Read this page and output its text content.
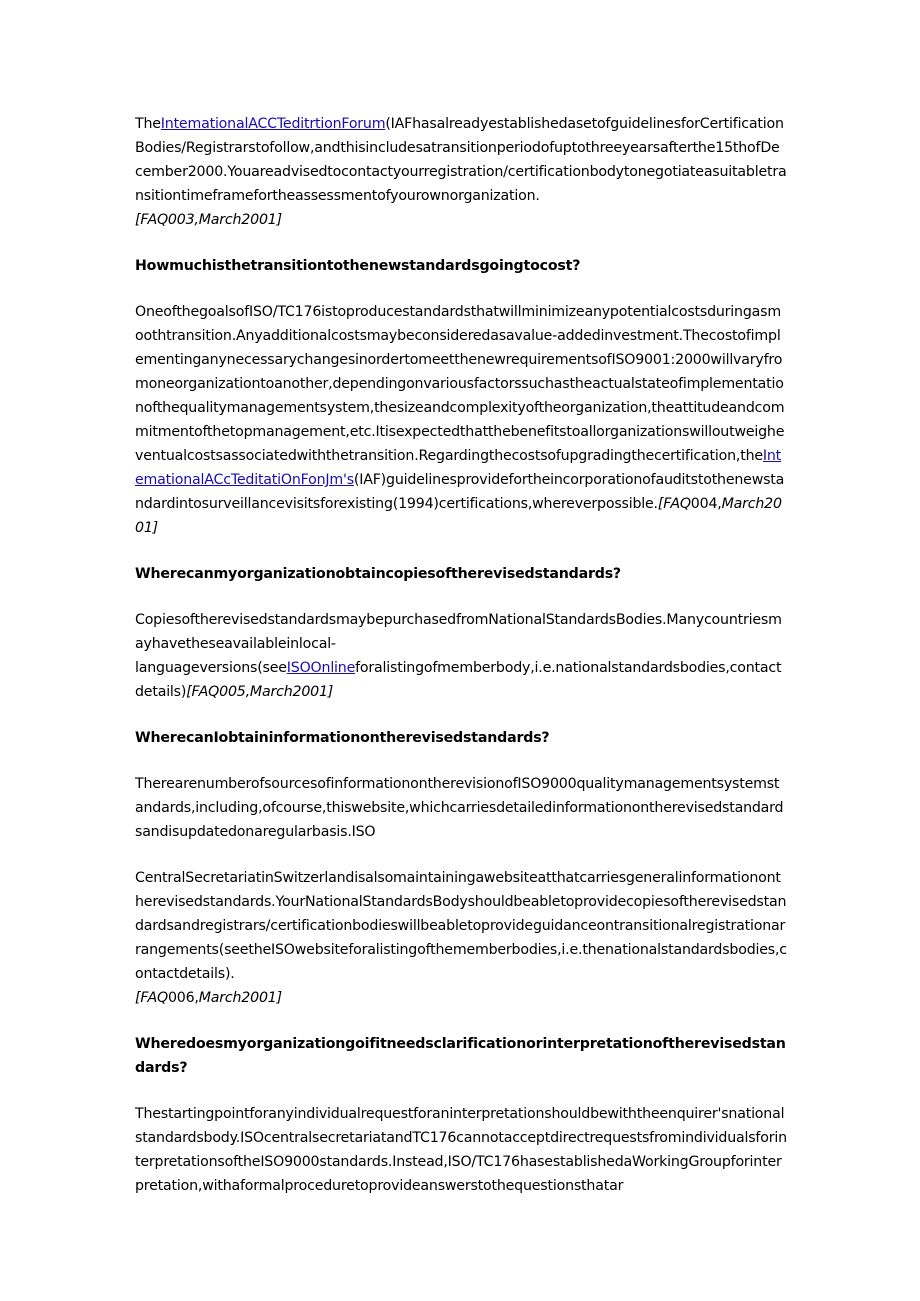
TheIntemationalACCTeditrtionForum(IAFhasalreadyestablishedasetofguidelinesforCertificationBodies/Registrarstofollow,andthisincludesatransitionperiodofuptothreeyearsafterthe15thofDecember2000.Youareadvisedtocontactyourregistration/certificationbodytonegotiateasuitabletransitiontimeframefortheassessmentofyourownorganization.
[FAQ003,March2001]

Howmuchisthetransitiontothenewstandardsgoingtocost?

OneofthegoalsofISO/TC176istoproducestandardsthatwillminimizeanypotentialcostsduringasmoothtransition.Anyadditionalcostsmaybeconsideredasavalue-addedinvestment.ThecostofimplementinganynecessarychangesinordertomeetthenewrequirementsofISO9001:2000willvaryfromoneorganizationtoanother,dependingonvariousfactorssuchastheactualstateofimplementationofthequalitymanagementsystem,thesizeandcomplexityoftheorganization,theattitudeandcommitmentofthetopmanagement,etc.Itisexpectedthatthebenefitstoallorganizationswilloutweigheventualcostsassociatedwiththetransition.Regardingthecostsofupgradingthecertification,theIntemationalACcTeditatiOnFonJm's(IAF)guidelinesprovidefortheincorporationofauditstothenewstandardintosurveillancevisitsforexisting(1994)certifications,whereverpossible.[FAQ004,March2001]

Wherecanmyorganizationobtaincopiesoftherevisedstandards?

CopiesoftherevisedstandardsmaybepurchasedfromNationalStandardsBodies.Manycountriesmayhavetheseavailableinlocal-
languageversions(seeISOOnlineforalistingofmemberbody,i.e.nationalstandardsbodies,contactdetails)[FAQ005,March2001]

WherecanIobtaininformationontherevisedstandards?

TherearenumberofsourcesofinformationontherevisionofISO9000qualitymanagementsystemstandards,including,ofcourse,thiswebsite,whichcarriesdetailedinformationontherevisedstandardsandisupdatedonaregularbasis.ISO

CentralSecretariatinSwitzerlandisalsomaintainingawebsiteatthatcarriesgeneralinformationontherevisedstandards.YourNationalStandardsBodyshouldbeabletoprovidecopiesoftherevisedstandardsandregistrars/certificationbodieswillbeabletoprovideguidanceontransitionalregistrationarrangements(seetheISOwebsiteforalistingofthememberbodies,i.e.thenationalstandardsbodies,contactdetails).
[FAQ006,March2001]

Wheredoesmyorganizationgoifitneedsclarificationorinterpretationoftherevisedstandards?

Thestartingpointforanyindividualrequestforaninterpretationshouldbewiththeenquirer'snationalstandardsbody.ISOcentralsecretariatandTC176cannotacceptdirectrequestsfromindividualsforinterpretationsoftheISO9000standards.Instead,ISO/TC176hasestablishedaWorkingGroupforinterpretation,withaformalproceduretoprovideanswerstothequestionsthatar
